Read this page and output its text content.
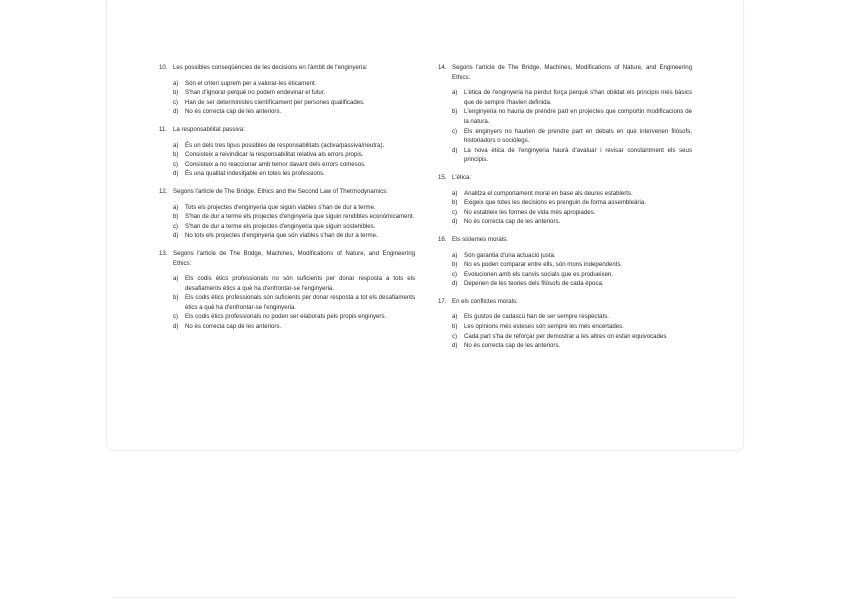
10. Les possibles conseqüències de les decisions en l'àmbit de l'enginyeria:
a)	Són el criteri suprem per a valorar-les èticament.
b)	S'han d'ignorar perquè no podem endevinar el futur.
c)	Han de ser deterministes científicament per persones qualificades.
d)	No és correcta cap de les anteriors.
11. La responsabilitat passiva:
a)	És un dels tres tipus possibles de responsabilitats (activa/passiva/neutra).
b)	Consisteix a reivindicar la responsabilitat relativa als errors propis.
c)	Consisteix a no reaccionar amb temor davant dels errors comesos.
d)	És una qualitat indesitjable en totes les professions.
12. Segons l'article de The Bridge, Ethics and the Second Law of Thermodynamics:
a)	Tots els projectes d'enginyeria que siguin viables s'han de dur a terme.
b)	S'han de dur a terme els projectes d'enginyeria que siguin rendibles econòmicament.
c)	S'han de dur a terme els projectes d'enginyeria que siguin sostenibles.
d)	No tots els projectes d'enginyeria que són viables s'han de dur a terme.
13. Segons l'article de The Bridge, Machines, Modifications of Nature, and Engineering Ethics:
a)	Els codis ètics professionals no són suficients per donar resposta a tots els desafiaments ètics a què ha d'enfrontar-se l'enginyeria.
b)	Els codis ètics professionals són suficients per donar resposta a tot els desafiaments ètics a què ha d'enfrontar-se l'enginyeria.
c)	Els codis ètics professionals no poden ser elaborats pels propis enginyers.
d)	No és correcta cap de les anteriors.
14. Segons l'article de The Bridge, Machines, Modifications of Nature, and Engineering Ethics:
a)	L'ètica de l'enginyeria ha perdut força perquè s'han oblidat els principis més bàsics que de sempre l'havien definida.
b)	L'enginyeria no hauria de prendre part en projectes que comportin modificacions de la natura.
c)	Els enginyers no haurien de prendre part en debats en què intervenen filòsofs, historiadors o sociòlegs.
d)	La nova ètica de l'enginyeria haurà d'avaluar i revisar constantment els seus principis.
15. L'ètica:
a)	Analitza el comportament moral en base als deures establerts.
b)	Exigeix que totes les decisions es prenguin de forma assembleària.
c)	No estableix les formes de vida més apropiades.
d)	No és correcta cap de les anteriors.
16. Els sistemes morals:
a)	Són garantia d'una actuació justa.
b)	No es poden comparar entre ells, són mons independents.
c)	Evolucionen amb els canvis socials que es produeixen.
d)	Depenen de les teories dels filòsofs de cada època.
17. En els conflictes morals:
a)	Els gustos de cadascú han de ser sempre respectats.
b)	Les opinions més esteses són sempre les més encertades.
c)	Cada part s'ha de reforçar per demostrar a les altres on estan equivocades
d)	No és correcta cap de les anteriors.
